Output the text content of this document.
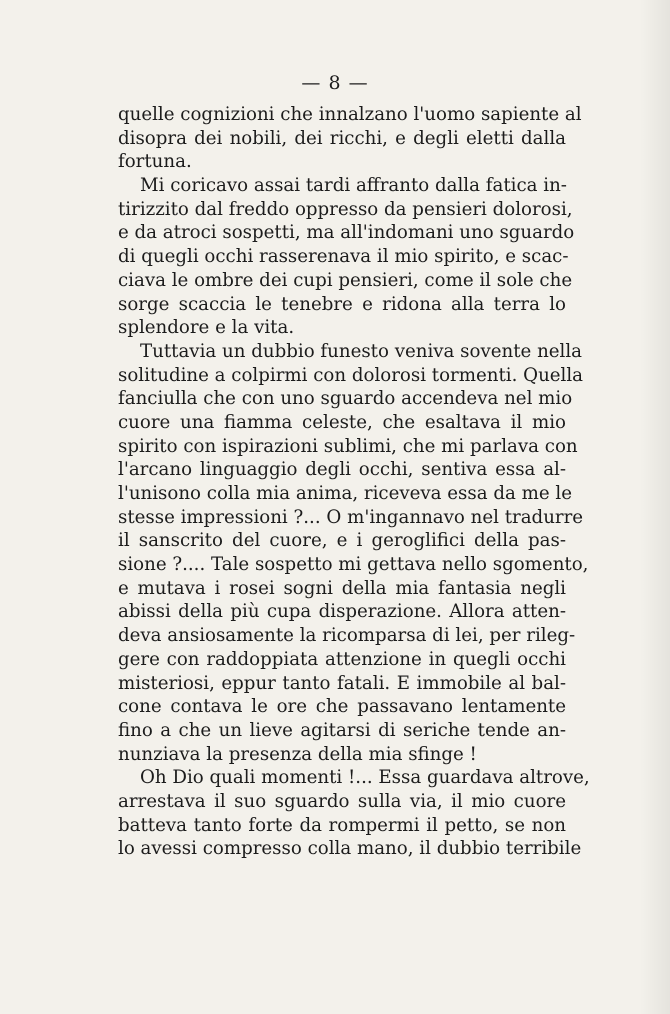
— 8 —
quelle cognizioni che innalzano l'uomo sapiente al
disopra dei nobili, dei ricchi, e degli eletti dalla
fortuna.
Mi coricavo assai tardi affranto dalla fatica in-
tirizzito dal freddo oppresso da pensieri dolorosi,
e da atroci sospetti, ma all'indomani uno sguardo
di quegli occhi rasserenava il mio spirito, e scac-
ciava le ombre dei cupi pensieri, come il sole che
sorge scaccia le tenebre e ridona alla terra lo
splendore e la vita.
Tuttavia un dubbio funesto veniva sovente nella
solitudine a colpirmi con dolorosi tormenti. Quella
fanciulla che con uno sguardo accendeva nel mio
cuore una fiamma celeste, che esaltava il mio
spirito con ispirazioni sublimi, che mi parlava con
l'arcano linguaggio degli occhi, sentiva essa al-
l'unisono colla mia anima, riceveva essa da me le
stesse impressioni ?... O m'ingannavo nel tradurre
il sanscrito del cuore, e i geroglifici della pas-
sione ?.... Tale sospetto mi gettava nello sgomento,
e mutava i rosei sogni della mia fantasia negli
abissi della più cupa disperazione. Allora atten-
deva ansiosamente la ricomparsa di lei, per rileg-
gere con raddoppiata attenzione in quegli occhi
misteriosi, eppur tanto fatali. E immobile al bal-
cone contava le ore che passavano lentamente
fino a che un lieve agitarsi di seriche tende an-
nunziava la presenza della mia sfinge !
Oh Dio quali momenti !... Essa guardava altrove,
arrestava il suo sguardo sulla via, il mio cuore
batteva tanto forte da rompermi il petto, se non
lo avessi compresso colla mano, il dubbio terribile
